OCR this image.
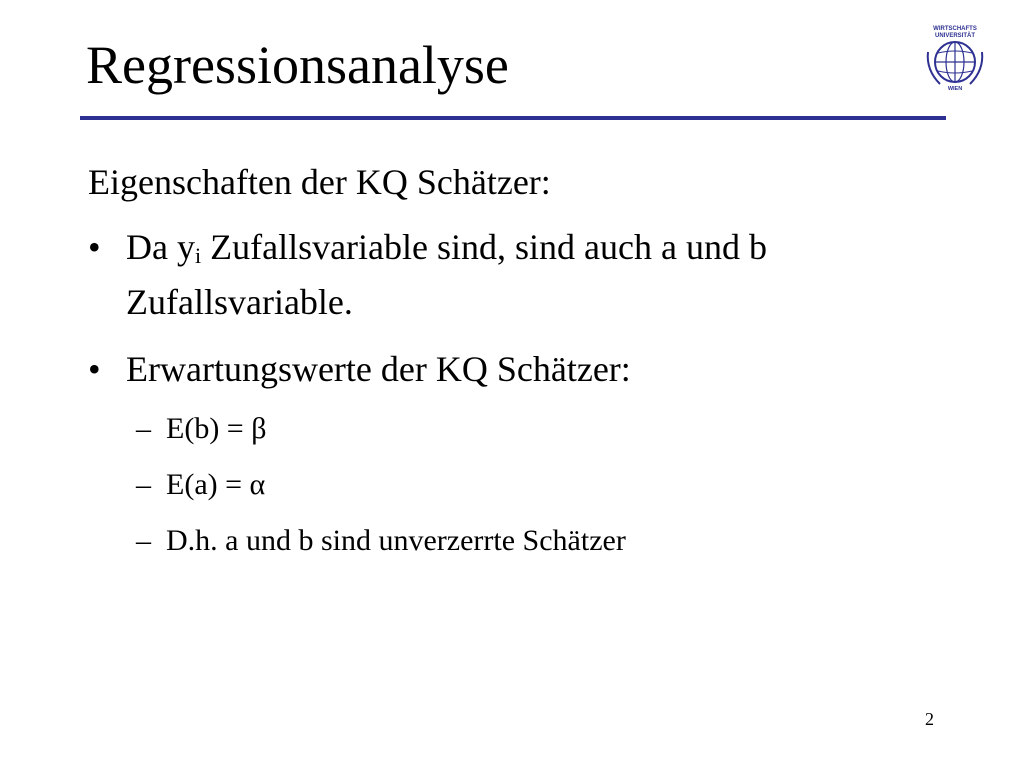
Regressionsanalyse
WIRTSCHAFTS
UNIVERSITÄT
WIEN
Eigenschaften der KQ Schätzer:
• Da $y_i$ Zufallsvariable sind, sind auch a und b
Zufallsvariable.
• Erwartungswerte der KQ Schätzer:
– E(b) = β
– E(a) = α
– D.h. a und b sind unverzerrte Schätzer
2
